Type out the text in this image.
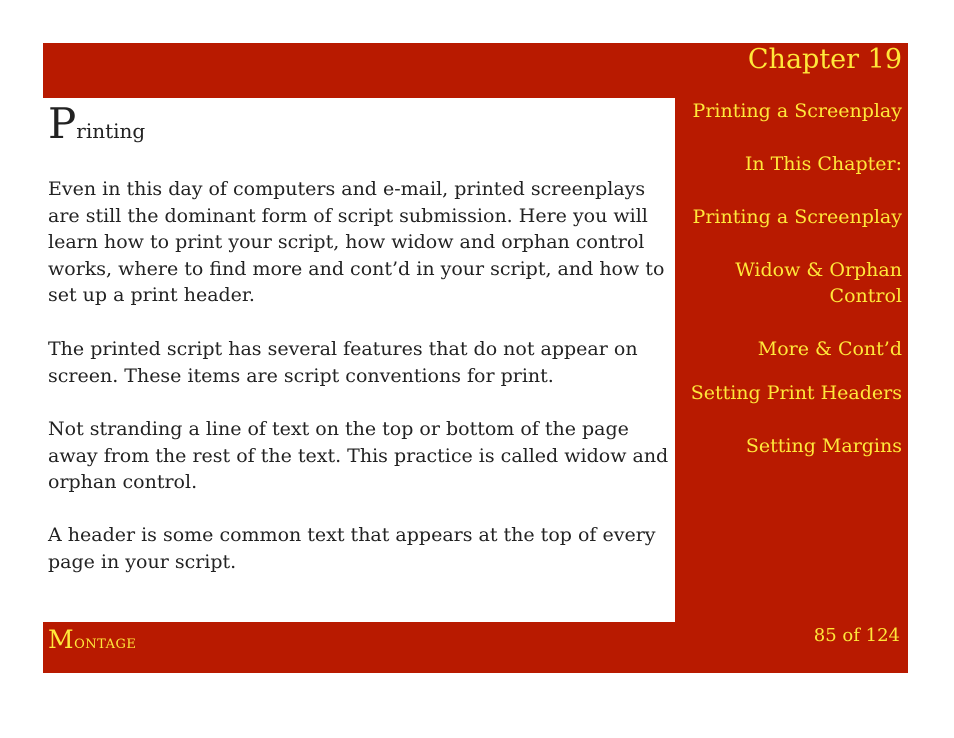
Chapter 19
Printing

Even in this day of computers and e-mail, printed screenplays are still the dominant form of script submission. Here you will learn how to print your script, how widow and orphan control works, where to find more and cont’d in your script, and how to set up a print header.

The printed script has several features that do not appear on screen. These items are script conventions for print.

Not stranding a line of text on the top or bottom of the page away from the rest of the text. This practice is called widow and orphan control.

A header is some common text that appears at the top of every page in your script.

Printing a Screenplay
In This Chapter:
Printing a Screenplay
Widow & Orphan Control
More & Cont’d
Setting Print Headers
Setting Margins
Montage	85 of 124
